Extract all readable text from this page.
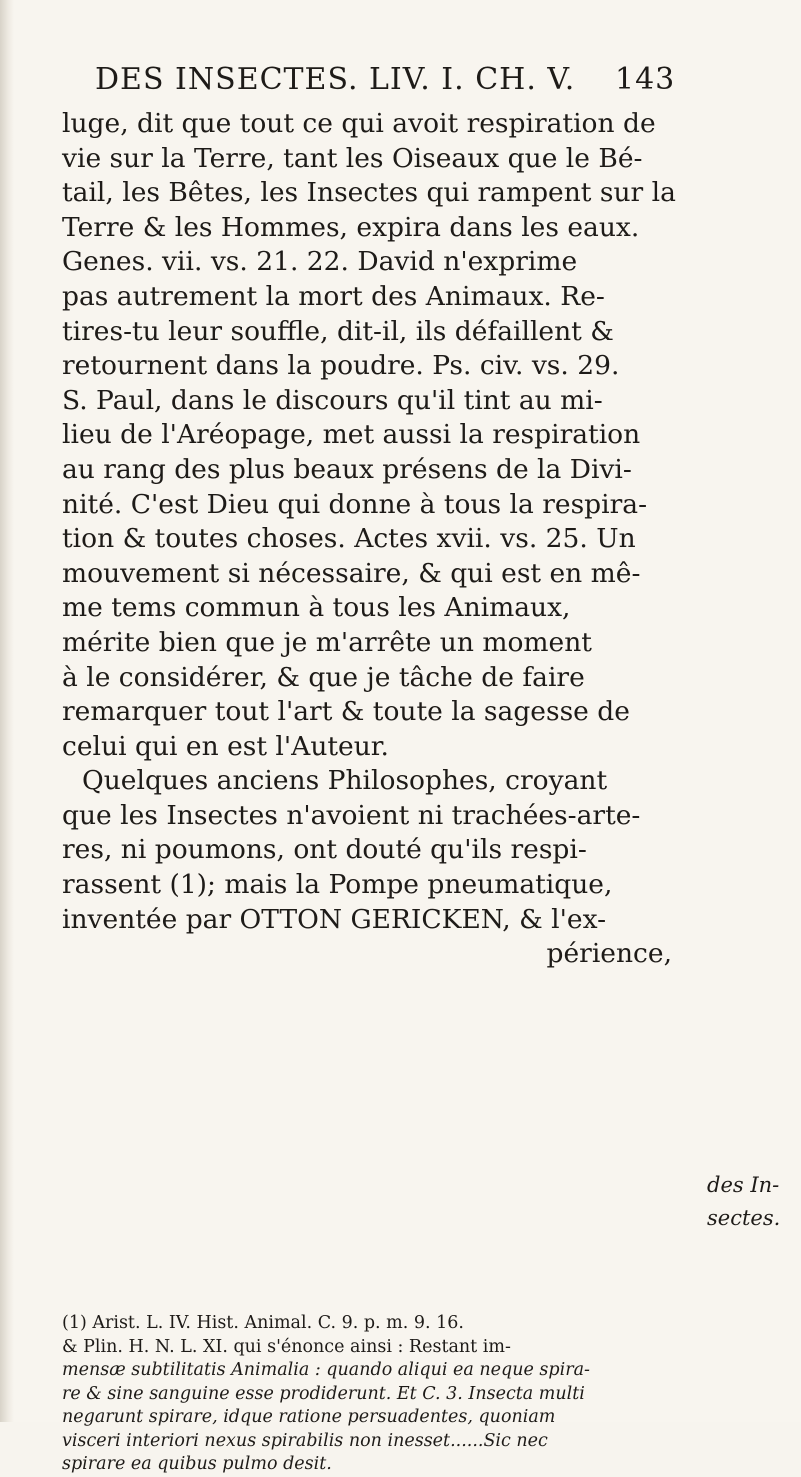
DES INSECTES. LIV. I. CH. V. 143
luge, dit que tout ce qui avoit respiration de
vie sur la Terre, tant les Oiseaux que le Bé-
tail, les Bêtes, les Insectes qui rampent sur la
Terre & les Hommes, expira dans les eaux.
Genes. vii. vs. 21. 22. David n'exprime
pas autrement la mort des Animaux. Re-
tires-tu leur souffle, dit-il, ils défaillent &
retournent dans la poudre. Ps. civ. vs. 29.
S. Paul, dans le discours qu'il tint au mi-
lieu de l'Aréopage, met aussi la respiration
au rang des plus beaux présens de la Divi-
nité. C'est Dieu qui donne à tous la respira-
tion & toutes choses. Actes xvii. vs. 25. Un
mouvement si nécessaire, & qui est en mê-
me tems commun à tous les Animaux,
mérite bien que je m'arrête un moment
à le considérer, & que je tâche de faire
remarquer tout l'art & toute la sagesse de
celui qui en est l'Auteur.
Quelques anciens Philosophes, croyant
que les Insectes n'avoient ni trachées-arte-
res, ni poumons, ont douté qu'ils respi-
rassent (1); mais la Pompe pneumatique,
inventée par OTTON GERICKEN, & l'ex-
périence,
des In-
sectes.
(1) Arist. L. IV. Hist. Animal. C. 9. p. m. 9. 16.
& Plin. H. N. L. XI. qui s'énonce ainsi : Restant im-
mensæ subtilitatis Animalia : quando aliqui ea neque spira-
re & sine sanguine esse prodiderunt. Et C. 3. Insecta multi
negarunt spirare, idque ratione persuadentes, quoniam
visceri interiori nexus spirabilis non inesset......Sic nec
spirare ea quibus pulmo desit.
